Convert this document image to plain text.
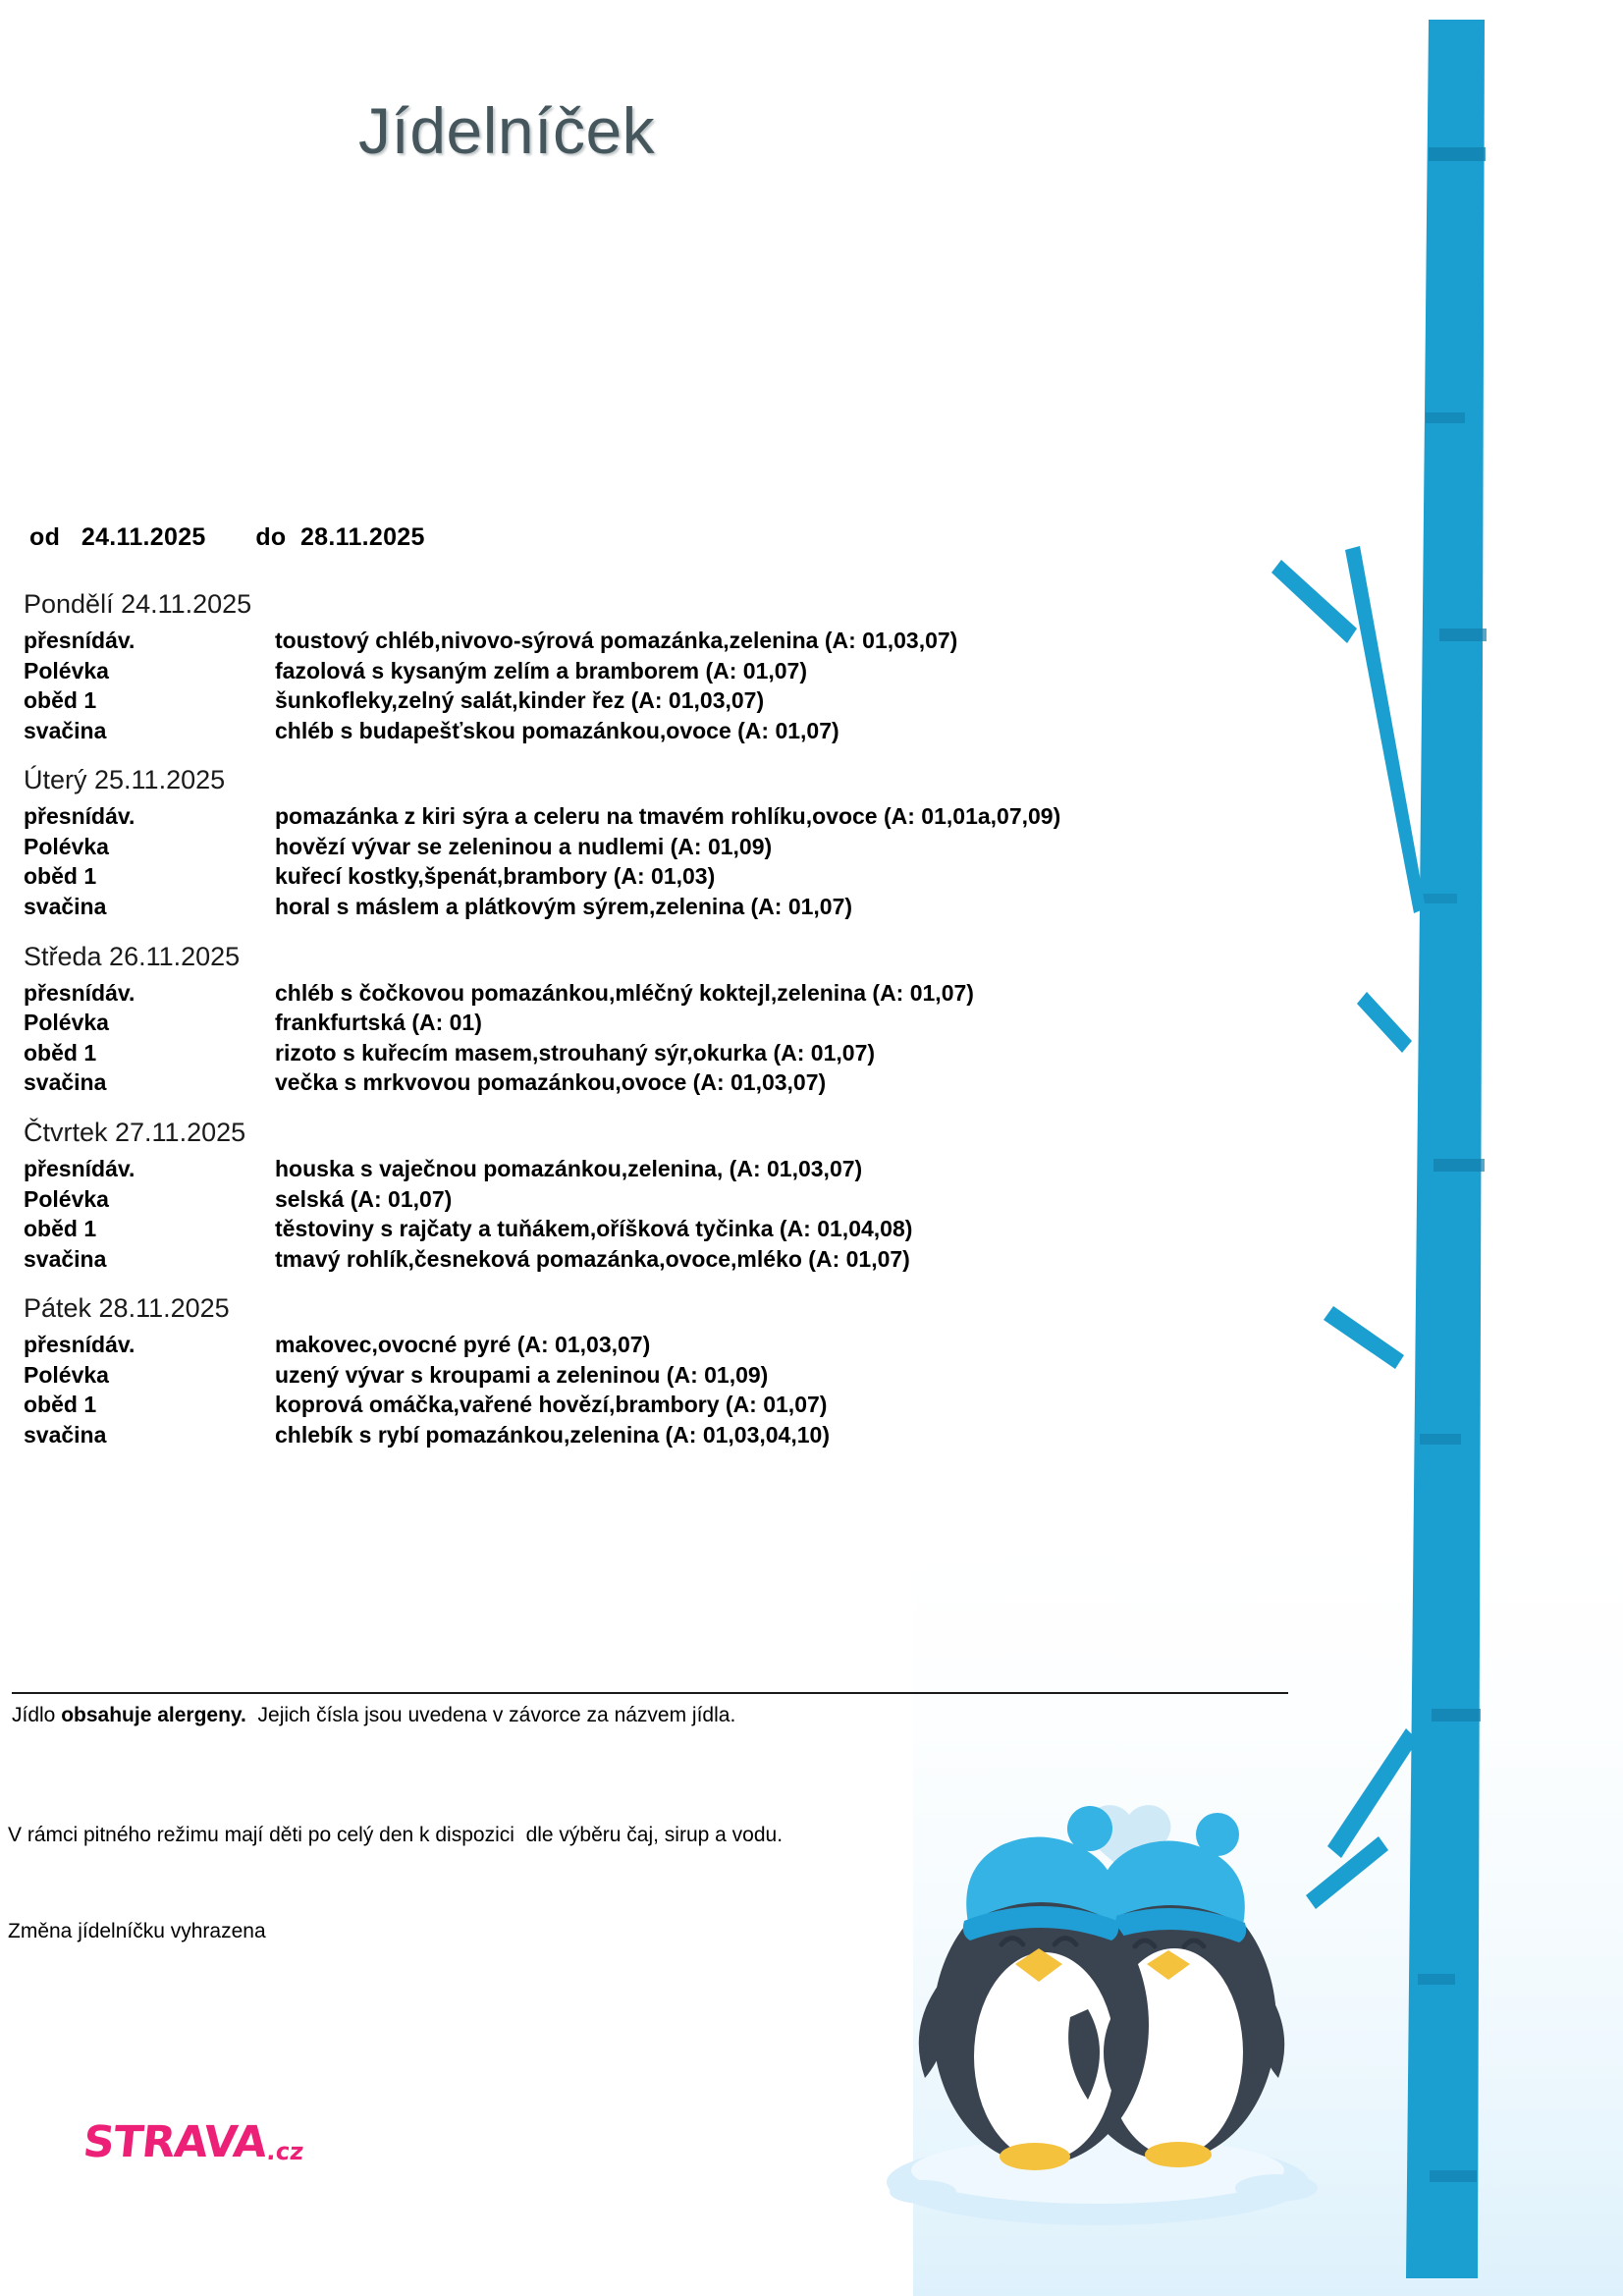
Jídelníček
od   24.11.2025       do  28.11.2025
Pondělí 24.11.2025
přesnídáv.	toustový chléb,nivovo-sýrová pomazánka,zelenina (A: 01,03,07)
Polévka	fazolová s kysaným zelím a bramborem (A: 01,07)
oběd 1	šunkofleky,zelný salát,kinder řez (A: 01,03,07)
svačina	chléb s budapešťskou pomazánkou,ovoce (A: 01,07)
Úterý 25.11.2025
přesnídáv.	pomazánka z kiri sýra a celeru na tmavém rohlíku,ovoce (A: 01,01a,07,09)
Polévka	hovězí vývar se zeleninou a nudlemi (A: 01,09)
oběd 1	kuřecí kostky,špenát,brambory (A: 01,03)
svačina	horal s máslem a plátkovým sýrem,zelenina (A: 01,07)
Středa 26.11.2025
přesnídáv.	chléb s čočkovou pomazánkou,mléčný koktejl,zelenina (A: 01,07)
Polévka	frankfurtská (A: 01)
oběd 1	rizoto s kuřecím masem,strouhaný sýr,okurka (A: 01,07)
svačina	večka s mrkvovou pomazánkou,ovoce (A: 01,03,07)
Čtvrtek 27.11.2025
přesnídáv.	houska s vaječnou pomazánkou,zelenina, (A: 01,03,07)
Polévka	selská (A: 01,07)
oběd 1	těstoviny s rajčaty a tuňákem,oříšková tyčinka (A: 01,04,08)
svačina	tmavý rohlík,česneková pomazánka,ovoce,mléko (A: 01,07)
Pátek 28.11.2025
přesnídáv.	makovec,ovocné pyré (A: 01,03,07)
Polévka	uzený vývar s kroupami a zeleninou (A: 01,09)
oběd 1	koprová omáčka,vařené hovězí,brambory (A: 01,07)
svačina	chlebík s rybí pomazánkou,zelenina (A: 01,03,04,10)
Jídlo obsahuje alergeny.  Jejich čísla jsou uvedena v závorce za názvem jídla.
V rámci pitného režimu mají děti po celý den k dispozici  dle výběru čaj, sirup a vodu.
Změna jídelníčku vyhrazena
STRAVA
.cz
